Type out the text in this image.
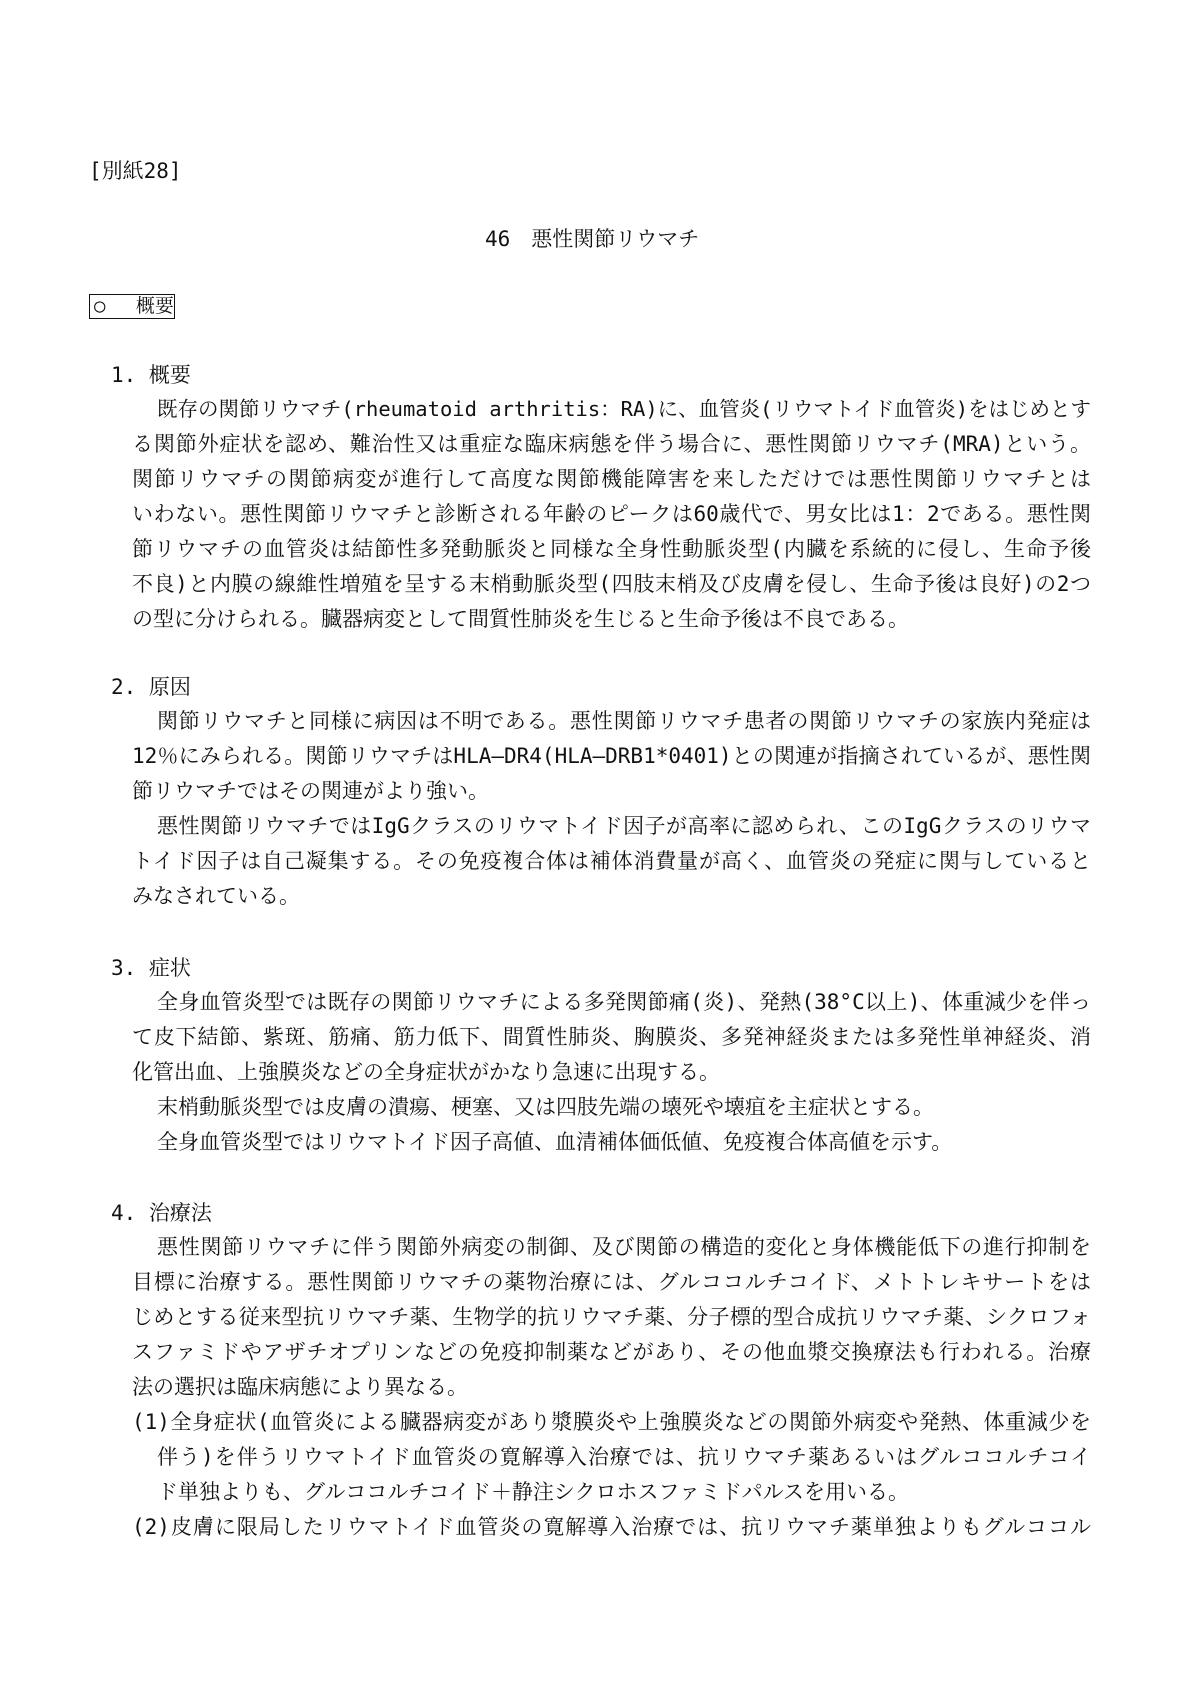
[別紙28]
46　悪性関節リウマチ
○　 概要
1. 概要
既存の関節リウマチ(rheumatoid arthritis：RA)に、血管炎(リウマトイド血管炎)をはじめとす
る関節外症状を認め、難治性又は重症な臨床病態を伴う場合に、悪性関節リウマチ(MRA)という。
関節リウマチの関節病変が進行して高度な関節機能障害を来しただけでは悪性関節リウマチとは
いわない。悪性関節リウマチと診断される年齢のピークは60歳代で、男女比は1：2である。悪性関
節リウマチの血管炎は結節性多発動脈炎と同様な全身性動脈炎型(内臓を系統的に侵し、生命予後
不良)と内膜の線維性増殖を呈する末梢動脈炎型(四肢末梢及び皮膚を侵し、生命予後は良好)の2つ
の型に分けられる。臓器病変として間質性肺炎を生じると生命予後は不良である。
2. 原因
関節リウマチと同様に病因は不明である。悪性関節リウマチ患者の関節リウマチの家族内発症は
12％にみられる。関節リウマチはHLA―DR4(HLA―DRB1*0401)との関連が指摘されているが、悪性関
節リウマチではその関連がより強い。
悪性関節リウマチではIgGクラスのリウマトイド因子が高率に認められ、このIgGクラスのリウマ
トイド因子は自己凝集する。その免疫複合体は補体消費量が高く、血管炎の発症に関与していると
みなされている。
3. 症状
全身血管炎型では既存の関節リウマチによる多発関節痛(炎)、発熱(38°C以上)、体重減少を伴っ
て皮下結節、紫斑、筋痛、筋力低下、間質性肺炎、胸膜炎、多発神経炎または多発性単神経炎、消
化管出血、上強膜炎などの全身症状がかなり急速に出現する。
末梢動脈炎型では皮膚の潰瘍、梗塞、又は四肢先端の壊死や壊疽を主症状とする。
全身血管炎型ではリウマトイド因子高値、血清補体価低値、免疫複合体高値を示す。
4. 治療法
悪性関節リウマチに伴う関節外病変の制御、及び関節の構造的変化と身体機能低下の進行抑制を
目標に治療する。悪性関節リウマチの薬物治療には、グルココルチコイド、メトトレキサートをは
じめとする従来型抗リウマチ薬、生物学的抗リウマチ薬、分子標的型合成抗リウマチ薬、シクロフォ
スファミドやアザチオプリンなどの免疫抑制薬などがあり、その他血漿交換療法も行われる。治療
法の選択は臨床病態により異なる。
(1)全身症状(血管炎による臓器病変があり漿膜炎や上強膜炎などの関節外病変や発熱、体重減少を
伴う)を伴うリウマトイド血管炎の寛解導入治療では、抗リウマチ薬あるいはグルココルチコイ
ド単独よりも、グルココルチコイド＋静注シクロホスファミドパルスを用いる。
(2)皮膚に限局したリウマトイド血管炎の寛解導入治療では、抗リウマチ薬単独よりもグルココル
